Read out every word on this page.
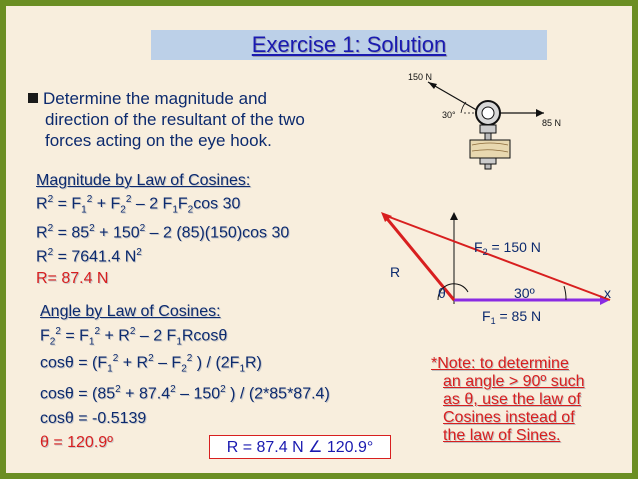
Exercise 1: Solution
Determine the magnitude and
direction of the resultant of the two
forces acting on the eye hook.
150 N
30°
85 N
Magnitude by Law of Cosines:
$R^2 = F_1^2 + F_2^2 - 2$ $F_1F_2\cos$ 30
$R^2 = 85^2 + 150^2 - 2$ (85)(150)cos 30
$R^2 = 7641.4$ $N^2$
R= 87.4 N
Angle by Law of Cosines:
$F_2^2 = F_1^2 + R^2 - 2$ $F_1Rcos\theta$
$\cos\theta = (F_1^2 + R^2 - F_2^2$ ) / $(2F_1R)$
$\cos\theta = (85^2 + 87.4^2 - 150^2$ ) / (2*85*87.4)
cosθ = -0.5139
θ = 120.9º	R = 87.4 N ∠ 120.9°
$F_2 = 150$ N
R
θ	30º	x
$F_1 = 85$ N
*Note: to determine
an angle > 90º such
as θ, use the law of
Cosines instead of
the law of Sines.
